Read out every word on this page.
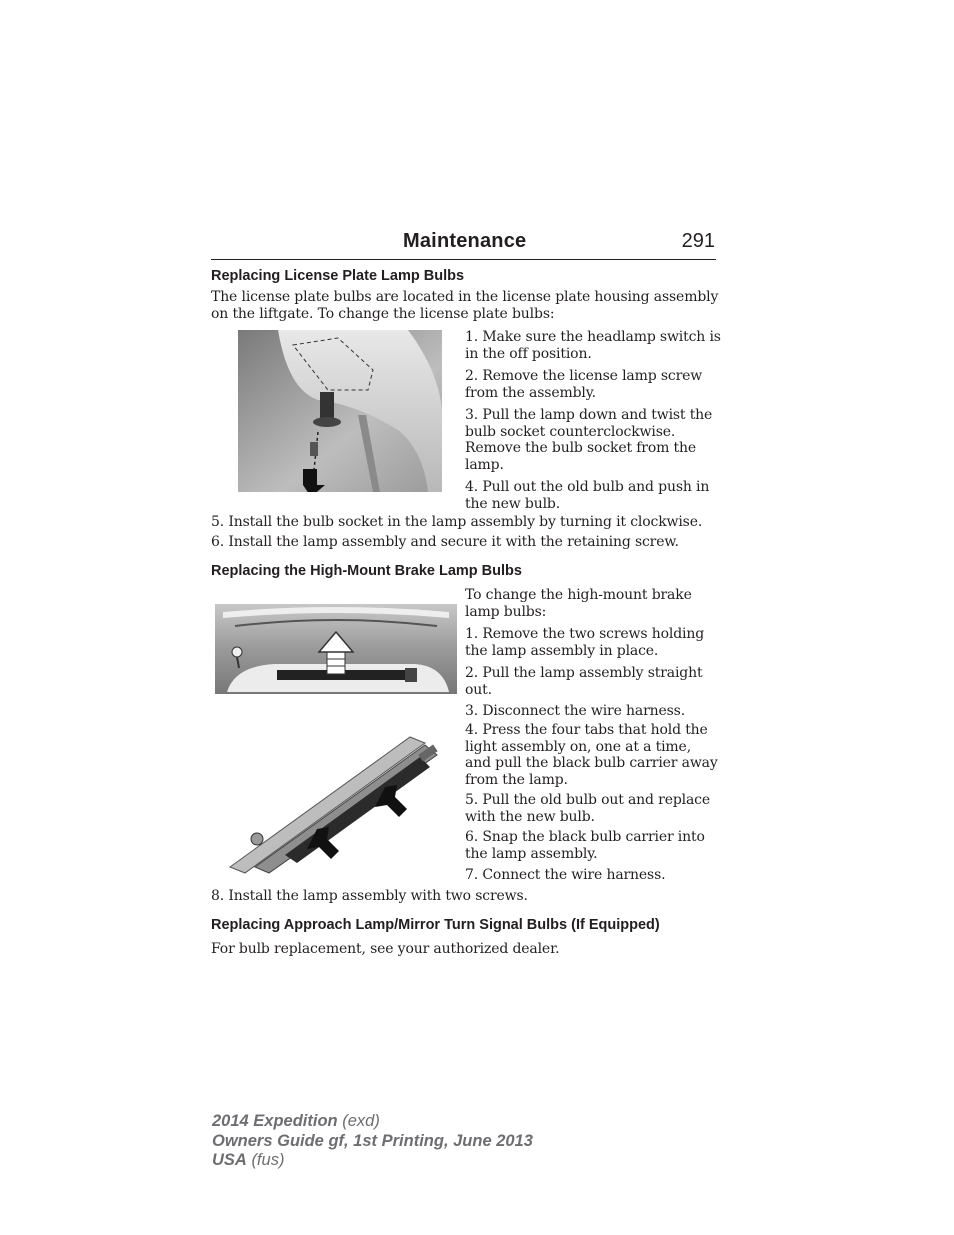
Maintenance	291
Replacing License Plate Lamp Bulbs
The license plate bulbs are located in the license plate housing assembly on the liftgate. To change the license plate bulbs:
1. Make sure the headlamp switch is in the off position.
2. Remove the license lamp screw from the assembly.
3. Pull the lamp down and twist the bulb socket counterclockwise. Remove the bulb socket from the lamp.
4. Pull out the old bulb and push in the new bulb.
5. Install the bulb socket in the lamp assembly by turning it clockwise.
6. Install the lamp assembly and secure it with the retaining screw.
Replacing the High-Mount Brake Lamp Bulbs
To change the high-mount brake lamp bulbs:
1. Remove the two screws holding the lamp assembly in place.
2. Pull the lamp assembly straight out.
3. Disconnect the wire harness.
4. Press the four tabs that hold the light assembly on, one at a time, and pull the black bulb carrier away from the lamp.
5. Pull the old bulb out and replace with the new bulb.
6. Snap the black bulb carrier into the lamp assembly.
7. Connect the wire harness.
8. Install the lamp assembly with two screws.
Replacing Approach Lamp/Mirror Turn Signal Bulbs (If Equipped)
For bulb replacement, see your authorized dealer.
2014 Expedition (exd)
Owners Guide gf, 1st Printing, June 2013
USA (fus)
